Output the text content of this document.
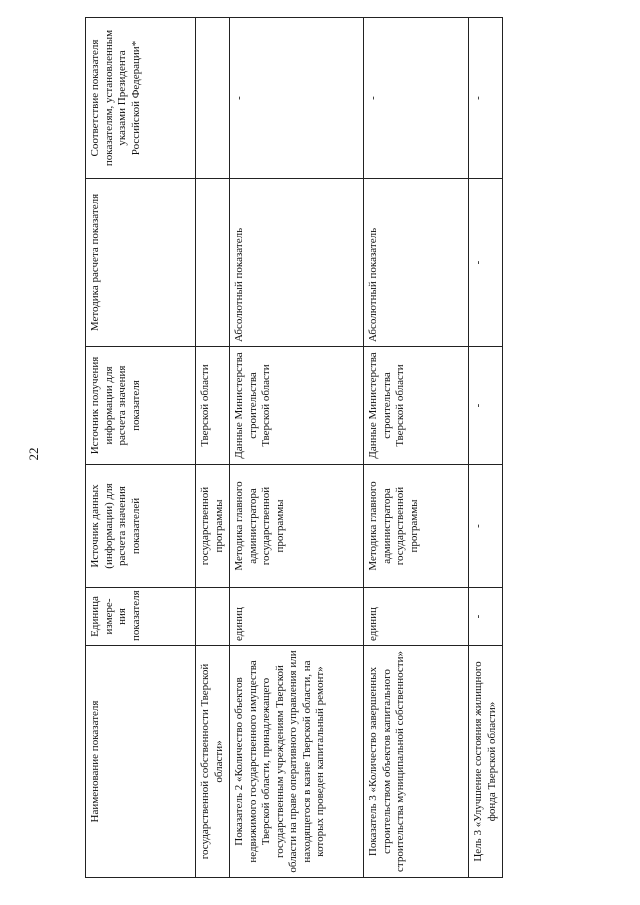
22
Наименование показателя	Единица измере-ния показателя	Источник данных (информации) для расчета значения показателей	Источник получения информации для расчета значения показателя	Методика расчета показателя	Соответствие показателя показателям, установленным указами Президента Российской Федерации*
государственной собственности Тверской области»		государственной программы	Тверской области		
Показатель 2 «Количество объектов недвижимого государственного имущества Тверской области, принадлежащего государственным учреждениям Тверской области на праве оперативного управления или находящегося в казне Тверской области, на которых проведен капитальный ремонт»	единиц	Методика главного администратора государственной программы	Данные Министерства строительства Тверской области	Абсолютный показатель	-
Показатель 3 «Количество завершенных строительством объектов капитального строительства муниципальной собственности»	единиц	Методика главного администратора государственной программы	Данные Министерства строительства Тверской области	Абсолютный показатель	-
Цель 3 «Улучшение состояния жилищного фонда Тверской области»	-	-	-	-	-
